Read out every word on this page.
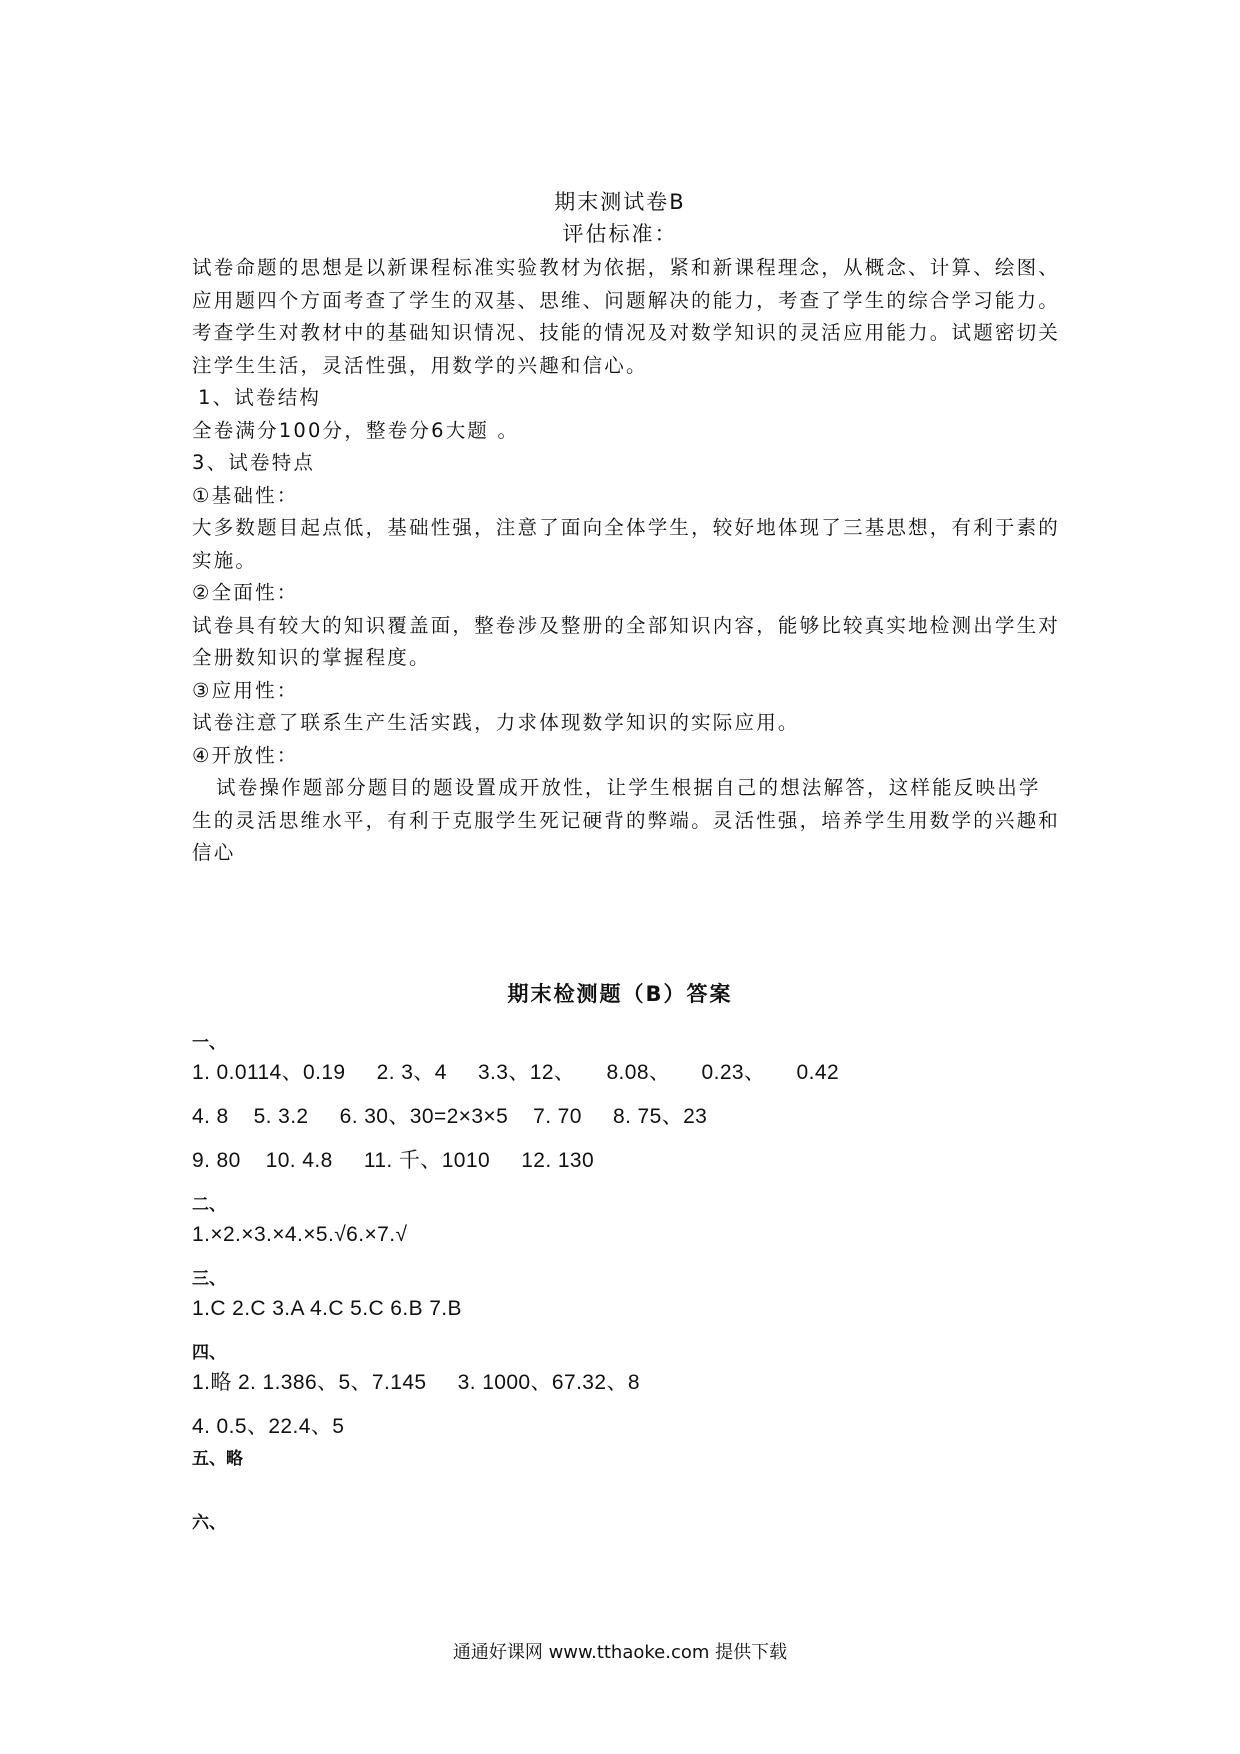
期末测试卷B
评估标准：

试卷命题的思想是以新课程标准实验教材为依据，紧和新课程理念，从概念、计算、绘图、应用题四个方面考查了学生的双基、思维、问题解决的能力，考查了学生的综合学习能力。考查学生对教材中的基础知识情况、技能的情况及对数学知识的灵活应用能力。试题密切关注学生生活，灵活性强，用数学的兴趣和信心。

1、试卷结构

全卷满分100分，整卷分6大题 。

3、试卷特点

①基础性：

大多数题目起点低，基础性强，注意了面向全体学生，较好地体现了三基思想，有利于素的实施。

②全面性：

试卷具有较大的知识覆盖面，整卷涉及整册的全部知识内容，能够比较真实地检测出学生对全册数知识的掌握程度。

③应用性：

试卷注意了联系生产生活实践，力求体现数学知识的实际应用。

④开放性：

试卷操作题部分题目的题设置成开放性，让学生根据自己的想法解答，这样能反映出学生的灵活思维水平，有利于克服学生死记硬背的弊端。灵活性强，培养学生用数学的兴趣和信心

期末检测题（B）答案
一、
1. 0.0114、0.19     2. 3、4     3.3、12、     8.08、     0.23、     0.42
4. 8    5. 3.2     6. 30、30=2×3×5    7. 70     8. 75、23
9. 80    10. 4.8     11. 千、1010     12. 130
二、
1.×2.×3.×4.×5.√6.×7.√
三、
1.C 2.C 3.A 4.C 5.C 6.B 7.B
四、
1.略 2. 1.386、5、7.145     3. 1000、67.32、8
4. 0.5、22.4、5
五、略
六、
通通好课网 www.tthaoke.com 提供下载
